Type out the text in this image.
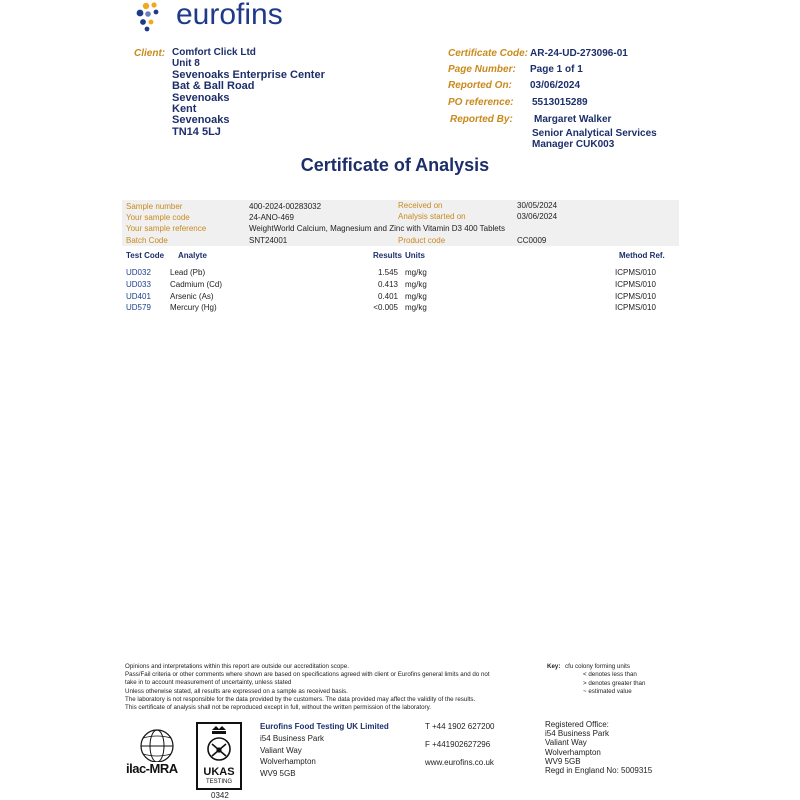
eurofins
Client: Comfort Click Ltd
Unit 8
Sevenoaks Enterprise Center
Bat & Ball Road
Sevenoaks
Kent
Sevenoaks
TN14 5LJ
Certificate Code: AR-24-UD-273096-01
Page Number: Page 1 of 1
Reported On: 03/06/2024
PO reference: 5513015289
Reported By: Margaret Walker
Senior Analytical Services
Manager CUK003
Certificate of Analysis
Sample number	400-2024-00283032	Received on	30/05/2024
Your sample code	24-ANO-469	Analysis started on	03/06/2024
Your sample reference	WeightWorld Calcium, Magnesium and Zinc with Vitamin D3 400 Tablets
Batch Code	SNT24001	Product code	CC0009
Test Code Analyte	Results Units	Method Ref.
UD032 Lead (Pb)	1.545 mg/kg	ICPMS/010
UD033 Cadmium (Cd)	0.413 mg/kg	ICPMS/010
UD401 Arsenic (As)	0.401 mg/kg	ICPMS/010
UD579 Mercury (Hg)	<0.005 mg/kg	ICPMS/010
Opinions and interpretations within this report are outside our accreditation scope.
Pass/Fail criteria or other comments where shown are based on specifications agreed with client or Eurofins general limits and do not
take in to account measurement of uncertainty, unless stated
Unless otherwise stated, all results are expressed on a sample as received basis.
The laboratory is not responsible for the data provided by the customers. The data provided may affect the validity of the results.
This certificate of analysis shall not be reproduced except in full, without the written permission of the laboratory.
Key: cfu colony forming units
< denotes less than
> denotes greater than
~ estimated value
ilac-MRA	UKAS
TESTING
0342
Eurofins Food Testing UK Limited
i54 Business Park
Valiant Way
Wolverhampton
WV9 5GB
T +44 1902 627200
F +441902627296
www.eurofins.co.uk
Registered Office:
i54 Business Park
Valiant Way
Wolverhampton
WV9 5GB
Regd in England No: 5009315
